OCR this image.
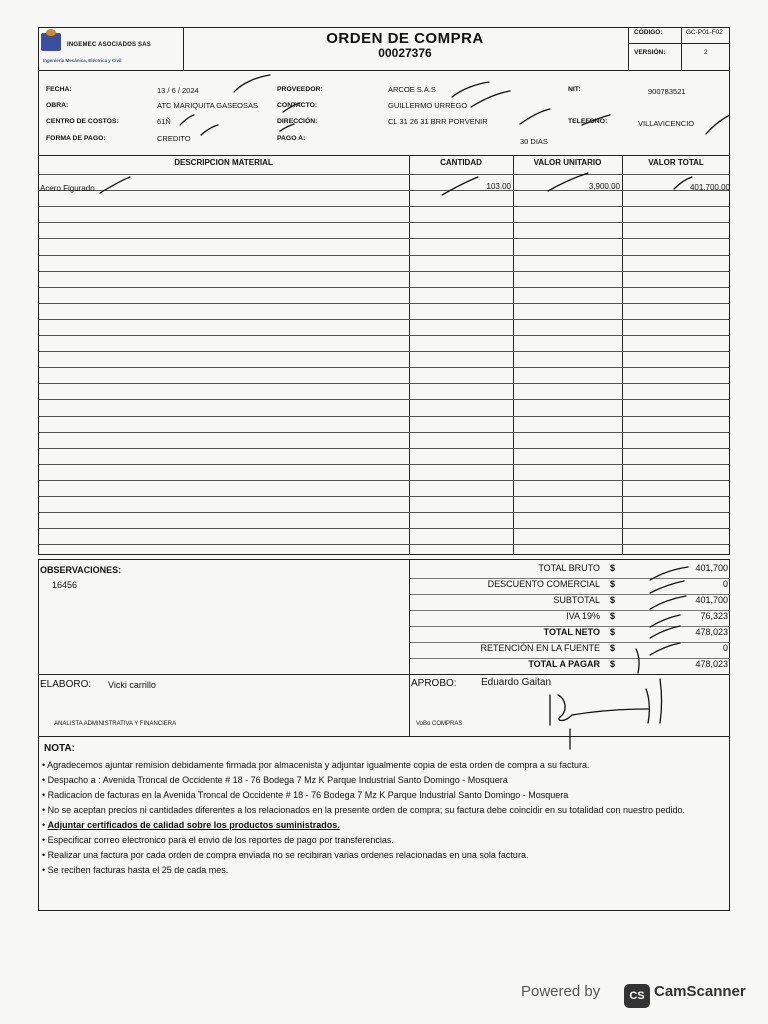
INGEMEC ASOCIADOS SAS
Ingeniería Mecánica, Eléctrica y Civil
ORDEN DE COMPRA
00027376
CÓDIGO:	GC-P01-F02
VERSIÓN:	2
FECHA:	13 / 6 / 2024
OBRA:	ATC MARIQUITA GASEOSAS
CENTRO DE COSTOS:	61Ñ
FORMA DE PAGO:	CREDITO
PROVEEDOR:	ARCOE S.A.S
CONTACTO:	GUILLERMO URREGO
DIRECCIÓN:	CL 31 26 31 BRR PORVENIR
PAGO A:	30 DIAS
NIT:	900783521
TELEFONO:	VILLAVICENCIO
DESCRIPCION MATERIAL	CANTIDAD	VALOR UNITARIO	VALOR TOTAL
Acero Figurado	103.00	3,900.00	401,700.00
OBSERVACIONES:
16456
TOTAL BRUTO $	401,700
DESCUENTO COMERCIAL $	0
SUBTOTAL $	401,700
IVA 19% $	76,323
TOTAL NETO $	478,023
RETENCIÓN EN LA FUENTE $	0
TOTAL A PAGAR $	478,023
ELABORO: Vicki carrillo
ANALISTA ADMINISTRATIVA Y FINANCIERA
APROBO: Eduardo Gaitan
VoBo COMPRAS
NOTA:
• Agradecemos ajuntar remision debidamente firmada por almacenista y adjuntar igualmente copia de esta orden de compra a su factura.
• Despacho a : Avenida Troncal de Occidente # 18 - 76 Bodega 7 Mz K Parque Industrial Santo Domingo - Mosquera
• Radicacion de facturas en la Avenida Troncal de Occidente # 18 - 76 Bodega 7 Mz K Parque Industrial Santo Domingo - Mosquera
• No se aceptan precios ni cantidades diferentes a los relacionados en la presente orden de compra; su factura debe coincidir en su totalidad con nuestro pedido.
• Adjuntar certificados de calidad sobre los productos suministrados.
• Especificar correo electronico para el envio de los reportes de pago por transferencias.
• Realizar una factura por cada orden de compra enviada no se recibiran varias ordenes relacionadas en una sola factura.
• Se reciben facturas hasta el 25 de cada mes.
Powered by	CS CamScanner
